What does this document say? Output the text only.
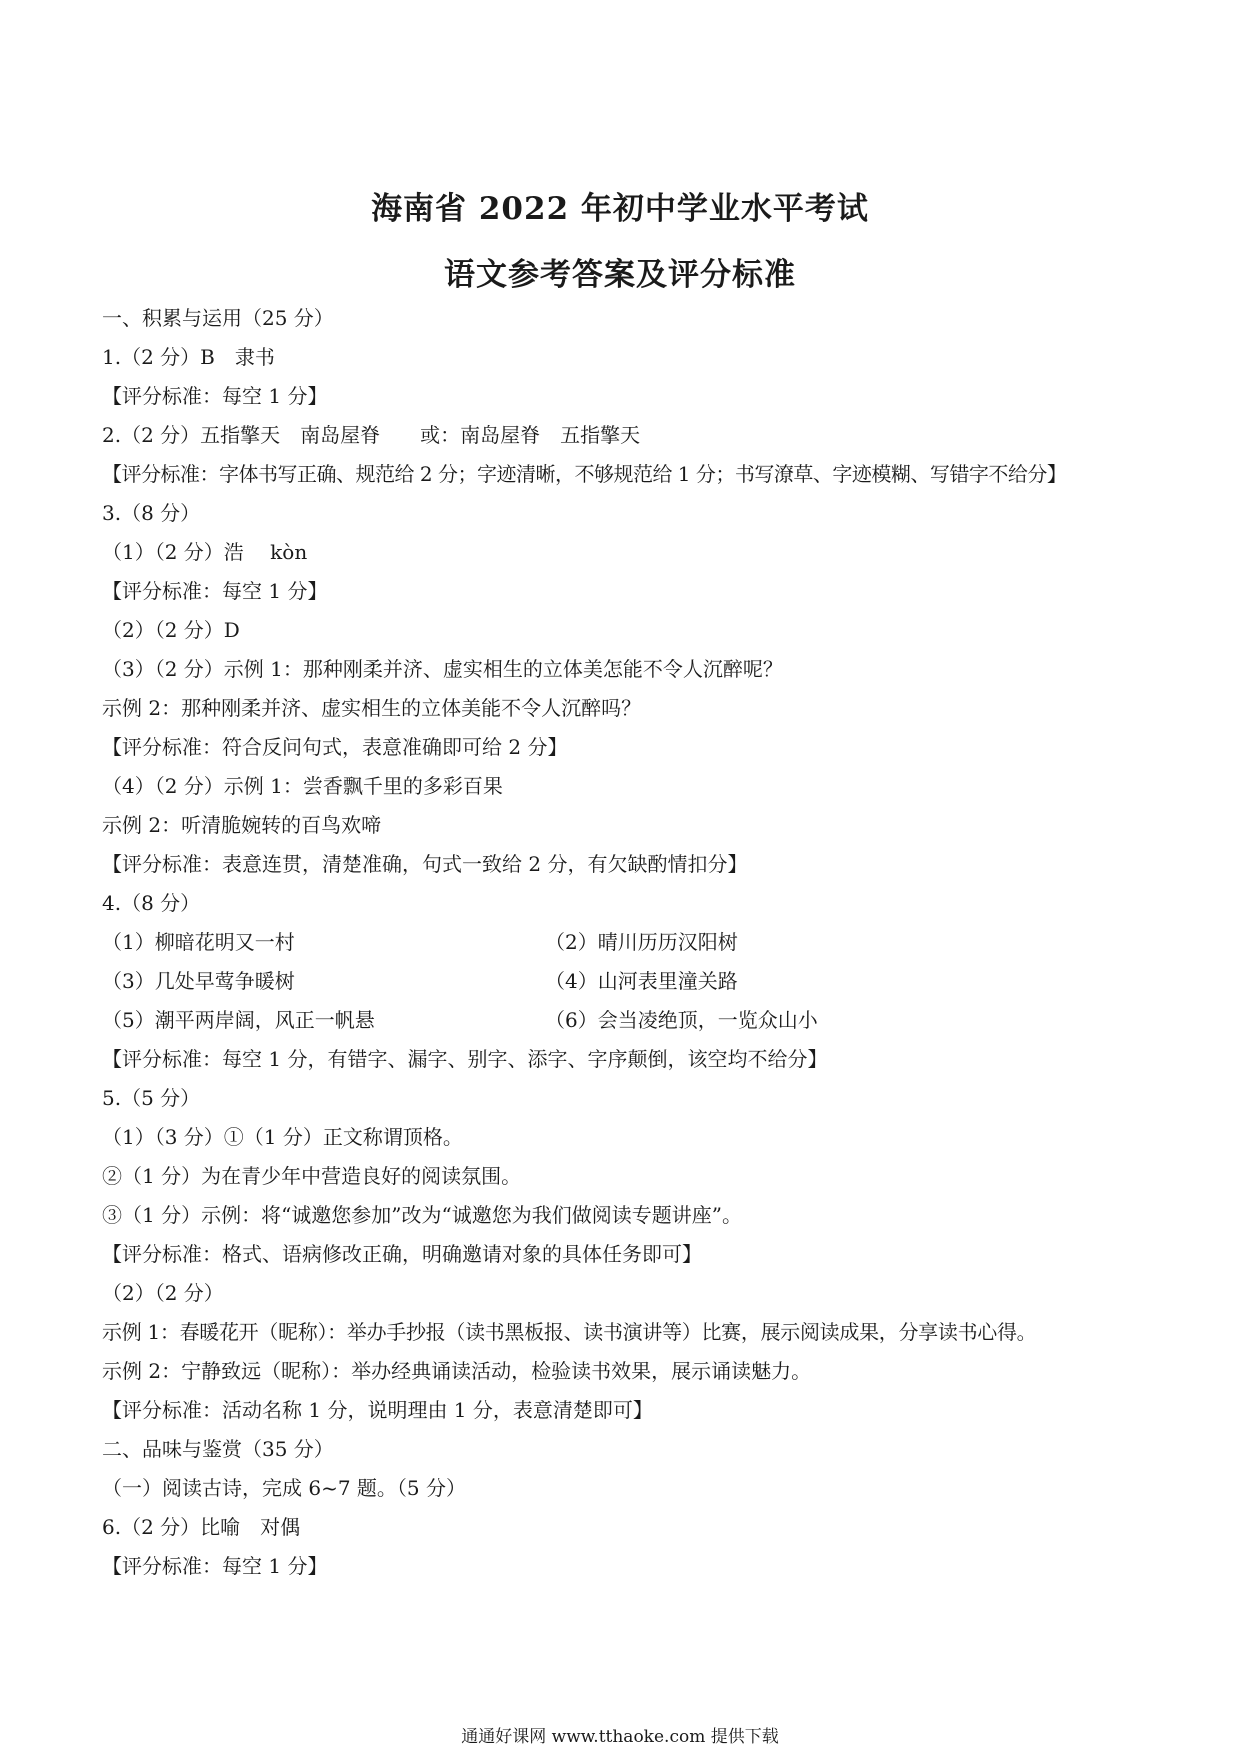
海南省 2022 年初中学业水平考试
语文参考答案及评分标准
一、积累与运用（25 分）
1.（2 分）B　隶书
【评分标准：每空 1 分】
2.（2 分）五指擎天　南岛屋脊　　或：南岛屋脊　五指擎天
【评分标准：字体书写正确、规范给 2 分；字迹清晰，不够规范给 1 分；书写潦草、字迹模糊、写错字不给分】
3.（8 分）
（1）（2 分）浩　 kòn
【评分标准：每空 1 分】
（2）（2 分）D
（3）（2 分）示例 1：那种刚柔并济、虚实相生的立体美怎能不令人沉醉呢？
示例 2：那种刚柔并济、虚实相生的立体美能不令人沉醉吗？
【评分标准：符合反问句式，表意准确即可给 2 分】
（4）（2 分）示例 1：尝香飘千里的多彩百果
示例 2：听清脆婉转的百鸟欢啼
【评分标准：表意连贯，清楚准确，句式一致给 2 分，有欠缺酌情扣分】
4.（8 分）
（1）柳暗花明又一村	（2）晴川历历汉阳树
（3）几处早莺争暖树	（4）山河表里潼关路
（5）潮平两岸阔，风正一帆悬	（6）会当凌绝顶，一览众山小
【评分标准：每空 1 分，有错字、漏字、别字、添字、字序颠倒，该空均不给分】
5.（5 分）
（1）（3 分）①（1 分）正文称谓顶格。
②（1 分）为在青少年中营造良好的阅读氛围。
③（1 分）示例：将“诚邀您参加”改为“诚邀您为我们做阅读专题讲座”。
【评分标准：格式、语病修改正确，明确邀请对象的具体任务即可】
（2）（2 分）
示例 1：春暖花开（昵称）：举办手抄报（读书黑板报、读书演讲等）比赛，展示阅读成果，分享读书心得。
示例 2：宁静致远（昵称）：举办经典诵读活动，检验读书效果，展示诵读魅力。
【评分标准：活动名称 1 分，说明理由 1 分，表意清楚即可】
二、品味与鉴赏（35 分）
（一）阅读古诗，完成 6~7 题。（5 分）
6.（2 分）比喻　对偶
【评分标准：每空 1 分】
通通好课网 www.tthaoke.com 提供下载
